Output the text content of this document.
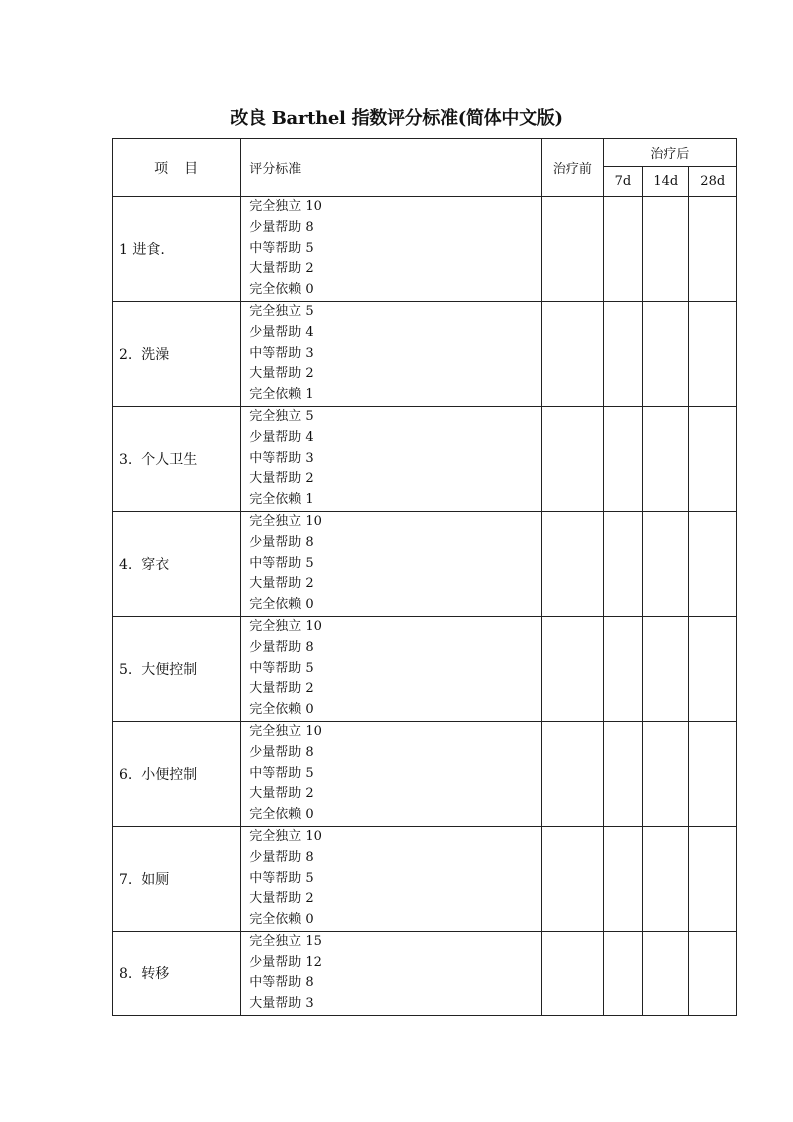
改良 Barthel 指数评分标准(简体中文版)
项　目	评分标准	治疗前	治疗后		
			7d	14d	28d
1 进食.	完全独立 10
少量帮助 8
中等帮助 5
大量帮助 2
完全依赖 0				

2.  洗澡	完全独立 5
少量帮助 4
中等帮助 3
大量帮助 2
完全依赖 1				

3.  个人卫生	完全独立 5
少量帮助 4
中等帮助 3
大量帮助 2
完全依赖 1				

4.  穿衣	完全独立 10
少量帮助 8
中等帮助 5
大量帮助 2
完全依赖 0				

5.  大便控制	完全独立 10
少量帮助 8
中等帮助 5
大量帮助 2
完全依赖 0				

6.  小便控制	完全独立 10
少量帮助 8
中等帮助 5
大量帮助 2
完全依赖 0				

7.  如厕	完全独立 10
少量帮助 8
中等帮助 5
大量帮助 2
完全依赖 0				

8.  转移	完全独立 15
少量帮助 12
中等帮助 8
大量帮助 3				
